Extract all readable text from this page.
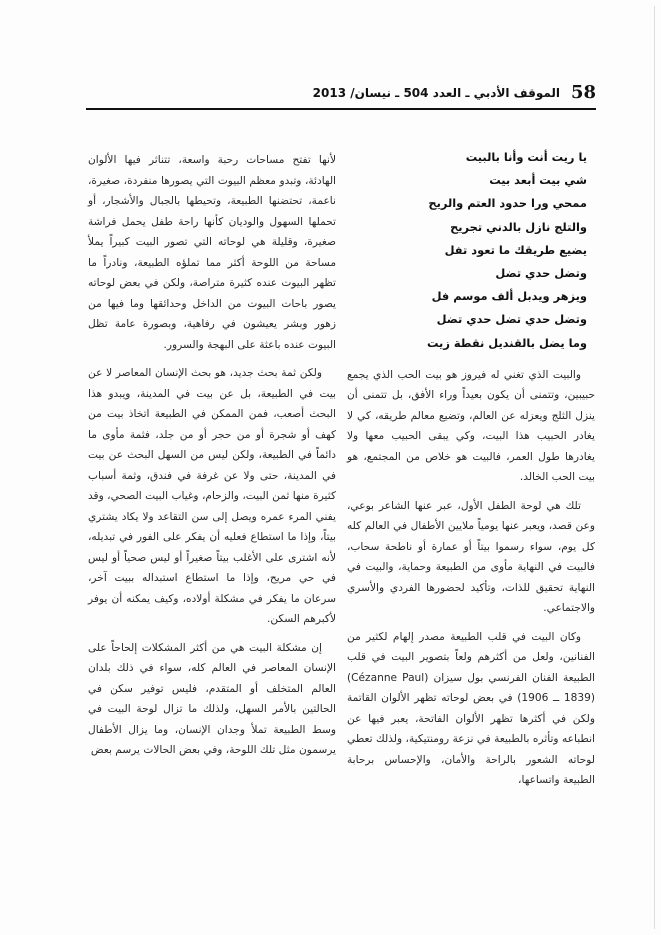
58
الموقف الأدبي ـ العدد 504 ـ نيسان/ 2013
يا ريت أنت وأنا بالبيت
شي بيت أبعد بيت
ممحي ورا حدود العتم والريح
والتلج نازل بالدني تجريح
يضيع طريقك ما تعود تفل
وتضل حدي تضل
ويزهر ويدبل ألف موسم فل
وتضل حدي تضل حدي تضل
وما يضل بالقنديل نقطة زيت

والبيت الذي تغني له فيروز هو بيت الحب الذي يجمع حبيبين، وتتمنى أن يكون بعيداً وراء الأفق، بل تتمنى أن ينزل الثلج ويعزله عن العالم، وتضيع معالم طريقه، كي لا يغادر الحبيب هذا البيت، وكي يبقى الحبيب معها ولا يغادرها طول العمر، فالبيت هو خلاص من المجتمع، هو بيت الحب الخالد.

تلك هي لوحة الطفل الأول، عبر عنها الشاعر بوعي، وعن قصد، ويعبر عنها يومياً ملايين الأطفال في العالم كله كل يوم، سواء رسموا بيتاً أو عمارة أو ناطحة سحاب، فالبيت في النهاية مأوى من الطبيعة وحماية، والبيت في النهاية تحقيق للذات، وتأكيد لحضورها الفردي والأسري والاجتماعي.

وكان البيت في قلب الطبيعة مصدر إلهام لكثير من الفنانين، ولعل من أكثرهم ولعاً بتصوير البيت في قلب الطبيعة الفنان الفرنسي بول سيزان (Cézanne Paul) (1839 ــ 1906) في بعض لوحاته تظهر الألوان القاتمة ولكن في أكثرها تظهر الألوان الفاتحة، يعبر فيها عن انطباعه وتأثره بالطبيعة في نزعة رومنتيكية، ولذلك تعطي لوحاته الشعور بالراحة والأمان، والإحساس برحابة الطبيعة واتساعها،

لأنها تفتح مساحات رحبة واسعة، تتناثر فيها الألوان الهادئة، وتبدو معظم البيوت التي يصورها منفردة، صغيرة، ناعمة، تحتضنها الطبيعة، وتحيطها بالجبال والأشجار، أو تحملها السهول والوديان كأنها راحة طفل يحمل فراشة صغيرة، وقليلة هي لوحاته التي تصور البيت كبيراً يملأ مساحة من اللوحة أكثر مما تملؤه الطبيعة، ونادراً ما تظهر البيوت عنده كثيرة متراصة، ولكن في بعض لوحاته يصور باحات البيوت من الداخل وحدائقها وما فيها من زهور وبشر يعيشون في رفاهية، وبصورة عامة تظل البيوت عنده باعثة على البهجة والسرور.

ولكن ثمة بحث جديد، هو بحث الإنسان المعاصر لا عن بيت في الطبيعة، بل عن بيت في المدينة، ويبدو هذا البحث أصعب، فمن الممكن في الطبيعة اتخاذ بيت من كهف أو شجرة أو من حجر أو من جلد، فثمة مأوى ما دائماً في الطبيعة، ولكن ليس من السهل البحث عن بيت في المدينة، حتى ولا عن غرفة في فندق، وثمة أسباب كثيرة منها ثمن البيت، والزحام، وغياب البيت الصحي، وقد يفني المرء عمره ويصل إلى سن التقاعد ولا يكاد يشتري بيتاً، وإذا ما استطاع فعليه أن يفكر على الفور في تبديله، لأنه اشترى على الأغلب بيتاً صغيراً أو ليس صحياً أو ليس في حي مريح، وإذا ما استطاع استبداله ببيت آخر، سرعان ما يفكر في مشكلة أولاده، وكيف يمكنه أن يوفر لأكبرهم السكن.

إن مشكلة البيت هي من أكثر المشكلات إلحاحاً على الإنسان المعاصر في العالم كله، سواء في ذلك بلدان العالم المتخلف أو المتقدم، فليس توفير سكن في الحالتين بالأمر السهل، ولذلك ما تزال لوحة البيت في وسط الطبيعة تملأ وجدان الإنسان، وما يزال الأطفال يرسمون مثل تلك اللوحة، وفي بعض الحالات يرسم بعض
